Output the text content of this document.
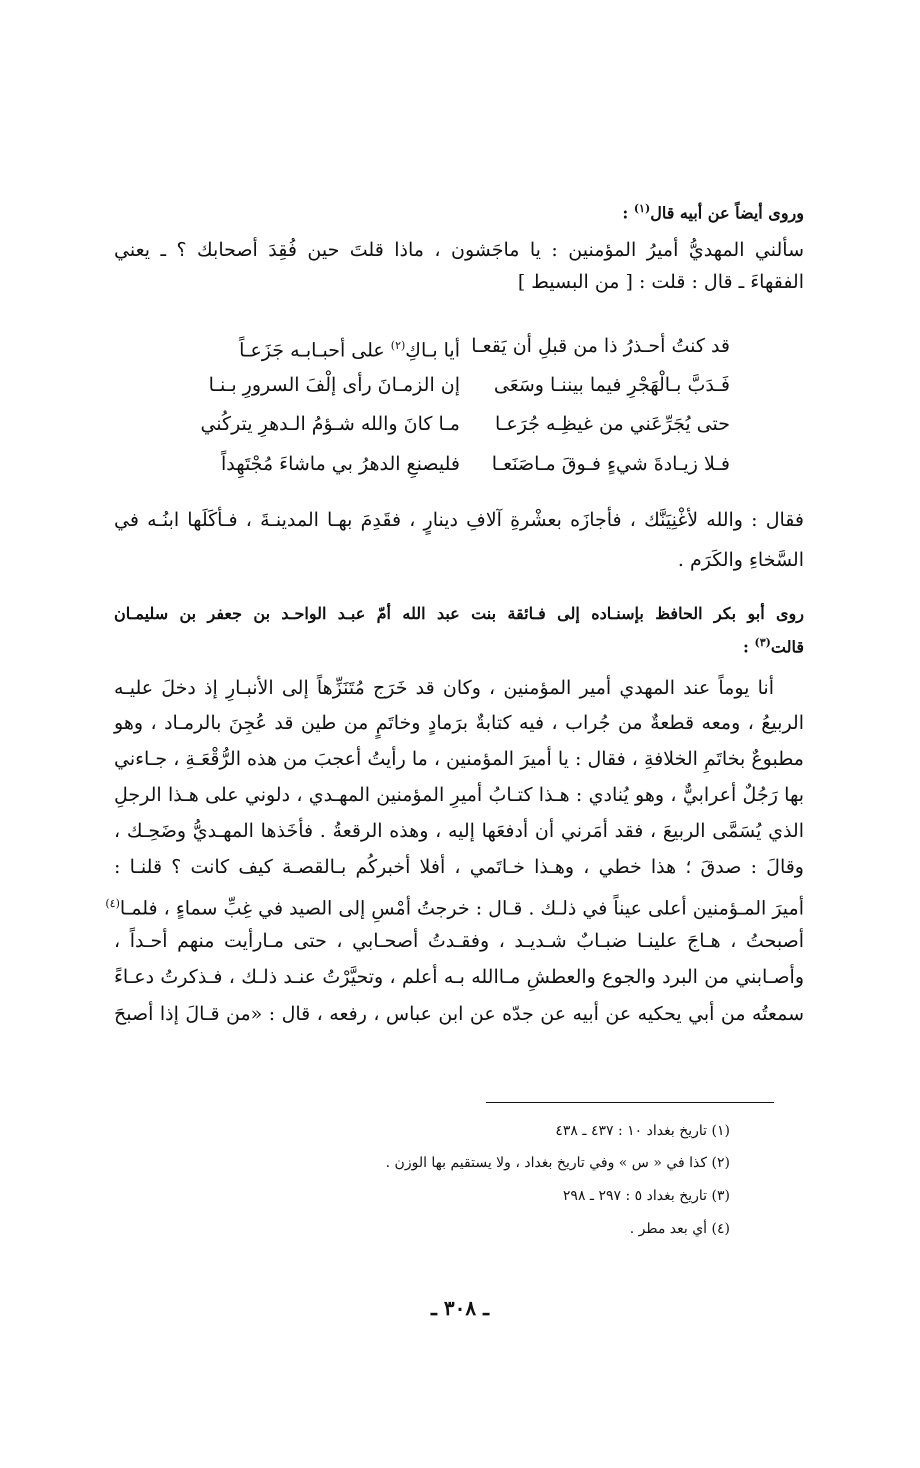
وروى أيضاً عن أبيه قال$^{(١)}$ :
سألني المهديُّ أميرُ المؤمنين : يا ماجَشون ، ماذا قلتَ حين فُقِدَ أصحابك ؟ ـ يعني
الفقهاءَ ـ قال : قلت : [ من البسيط ]
أيا بـاكِ$^{(٢)}$ على أحبـابـه جَزَعـاً	قد كنتُ أحـذرُ ذا من قبلِ أن يَقعـا
إن الزمـانَ رأى إلْفَ السرورِ بـنـا	فَـدَبَّ بـالْهَجْرِ فيما بيننـا وسَعَى
مـا كانَ والله شـؤمُ الـدهرِ يتركُني	حتى يُجَرِّعَني من غيظِـه جُرَعـا
فليصنعِ الدهرُ بي ماشاءَ مُجْتَهِداً	فـلا زيـادةَ شيءٍ فـوقَ مـاصَنَعـا
فقال : والله لأغْنِيَنَّك ، فأجازَه بعشْرةِ آلافِ دينارٍ ، فقَدِمَ بهـا المدينـةَ ، فـأكَلَها ابنُـه في
السَّخاءِ والكَرَم .
روى أبو بكر الحافظ بإسنـاده إلى فـائقة بنت عبد الله أمّ عبـد الواحـد بن جعفر بن سليمـان
قالت$^{(٣)}$ :
أنا يوماً عند المهدي أمير المؤمنين ، وكان قد خَرَج مُتَنَزِّهاً إلى الأنبـارِ إذ دخلَ عليـه
الربيعُ ، ومعه قطعةٌ من جُراب ، فيه كتابةٌ برَمادٍ وخاتَمٍ من طين قد عُجِنَ بالرمـاد ، وهو
مطبوعٌ بخاتَمِ الخلافةِ ، فقال : يا أميرَ المؤمنين ، ما رأيتُ أعجبَ من هذه الرُّقْعَـةِ ، جـاءني
بها رَجُلٌ أعرابيٌّ ، وهو يُنادي : هـذا كتـابُ أميرِ المؤمنين المهـدي ، دلوني على هـذا الرجلِ
الذي يُسَمَّى الربيعَ ، فقد أمَرني أن أدفعَها إليه ، وهذه الرقعةُ . فأخَذها المهـديُّ وضَحِـك ،
وقالَ : صدقَ ؛ هذا خطي ، وهـذا خـاتَمي ، أفلا أخبركُم بـالقصـة كيف كانت ؟ قلنـا :
أميرَ المـؤمنين أعلى عيناً في ذلـك . قـال : خرجتُ أمْسِ إلى الصيد في غِبِّ سماءٍ ، فلمـا$^{(٤)}$
أصبحتُ ، هـاجَ علينـا ضبـابٌ شـديـد ، وفقـدتُ أصحـابي ، حتى مـارأيت منهم أحـداً ،
وأصـابني من البرد والجوع والعطشِ مـاالله بـه أعلم ، وتحيَّرْتُ عنـد ذلـك ، فـذكرتُ دعـاءً
سمعتُه من أبي يحكيه عن أبيه عن جدّه عن ابن عباس ، رفعه ، قال : «من قـالَ إذا أصبحَ
(١) تاريخ بغداد ١٠ : ٤٣٧ ـ ٤٣٨
(٢) كذا في « س » وفي تاريخ بغداد ، ولا يستقيم بها الوزن .
(٣) تاريخ بغداد ٥ : ٢٩٧ ـ ٢٩٨
(٤) أي بعد مطر .
ـ ٣٠٨ ـ
